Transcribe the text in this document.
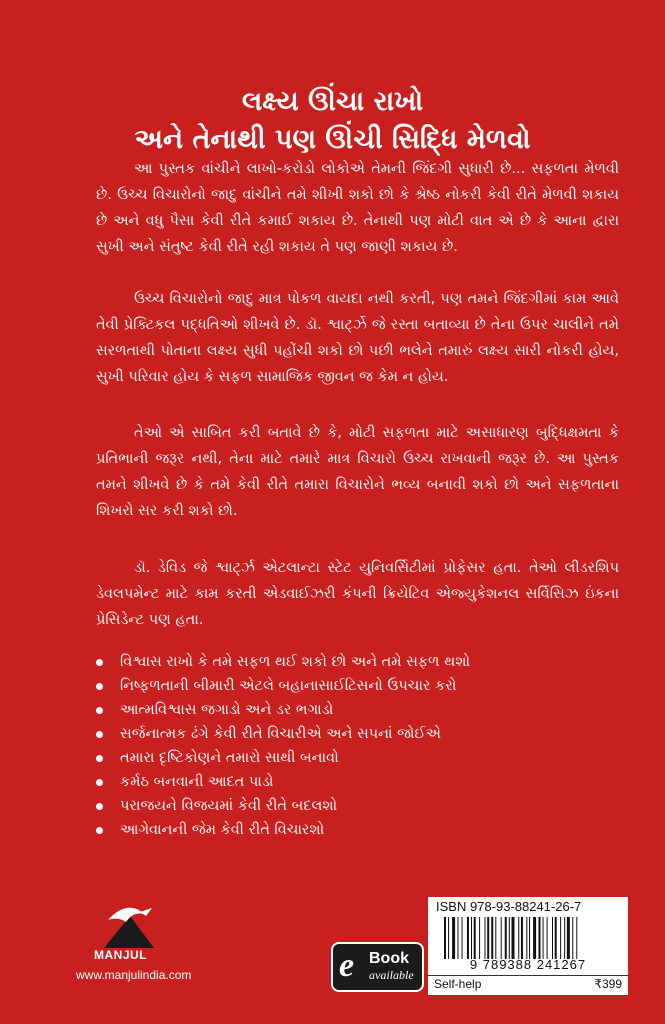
લક્ષ્ય ઊંચા રાખો
અને તેનાથી પણ ઊંચી સિદ્ધિ મેળવો

આ પુસ્તક વાંચીને લાખો-કરોડો લોકોએ તેમની જિંદગી સુધારી છે... સફળતા મેળવી છે. ઉચ્ચ વિચારોનો જાદુ વાંચીને તમે શીખી શકો છો કે શ્રેષ્ઠ નોકરી કેવી રીતે મેળવી શકાય છે અને વધુ પૈસા કેવી રીતે કમાઈ શકાય છે. તેનાથી પણ મોટી વાત એ છે કે આના દ્વારા સુખી અને સંતુષ્ટ કેવી રીતે રહી શકાય તે પણ જાણી શકાય છે.

ઉચ્ચ વિચારોનો જાદુ માત્ર પોકળ વાયદા નથી કરતી, પણ તમને જિંદગીમાં કામ આવે તેવી પ્રેક્ટિકલ પદ્ધતિઓ શીખવે છે. ડૉ. શ્વાર્ટ્ઝે જે રસ્તા બતાવ્યા છે તેના ઉપર ચાલીને તમે સરળતાથી પોતાના લક્ષ્ય સુધી પહોંચી શકો છો પછી ભલેને તમારું લક્ષ્ય સારી નોકરી હોય, સુખી પરિવાર હોય કે સફળ સામાજિક જીવન જ કેમ ન હોય.

તેઓ એ સાબિત કરી બતાવે છે કે, મોટી સફળતા માટે અસાધારણ બુદ્ધિક્ષમતા કે પ્રતિભાની જરૂર નથી, તેના માટે તમારે માત્ર વિચારો ઉચ્ચ રાખવાની જરૂર છે. આ પુસ્તક તમને શીખવે છે કે તમે કેવી રીતે તમારા વિચારોને ભવ્ય બનાવી શકો છો અને સફળતાના શિખરો સર કરી શકો છો.

ડૉ. ડેવિડ જે શ્વાર્ટ્ઝ એટલાન્ટા સ્ટેટ યુનિવર્સિટીમાં પ્રોફેસર હતા. તેઓ લીડરશિપ ડેવલપમેન્ટ માટે કામ કરતી એડવાઈઝરી કંપની ક્રિયેટિવ એજ્યુકેશનલ સર્વિસિઝ ઇંકના પ્રેસિડેન્ટ પણ હતા.

વિશ્વાસ રાખો કે તમે સફળ થઈ શકો છો અને તમે સફળ થશો
નિષ્ફળતાની બીમારી એટલે બહાનાસાઈટિસનો ઉપચાર કરો
આત્મવિશ્વાસ જગાડો અને ડર ભગાડો
સર્જનાત્મક ઢંગે કેવી રીતે વિચારીએ અને સપનાં જોઈએ
તમારા દૃષ્ટિકોણને તમારો સાથી બનાવો
કર્મઠ બનવાની આદત પાડો
પરાજયને વિજયમાં કેવી રીતે બદલશો
આગેવાનની જેમ કેવી રીતે વિચારશો
MANJUL
www.manjulindia.com	e Book
available
ISBN 978-93-88241-26-7
9 789388 241267
Self-help	₹399
